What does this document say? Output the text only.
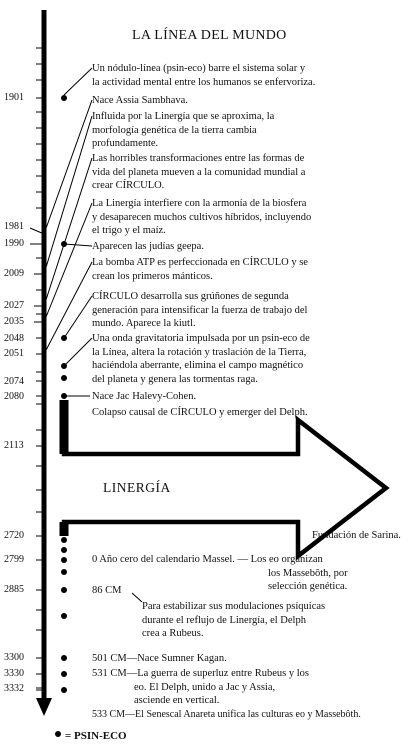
LA LÍNEA DEL MUNDO
1901
1981
1990
2009
2027
2035
2048
2051
2074
2080
2113
2720
2799
2885
3300
3330
3332
Un nódulo-línea (psin-eco) barre el sistema solar y
la actividad mental entre los humanos se enfervoriza.
Nace Assia Sambhava.
Influida por la Linergía que se aproxima, la
morfología genética de la tierra cambia
profundamente.
Las horribles transformaciones entre las formas de
vida del planeta mueven a la comunidad mundial a
crear CÍRCULO.
La Linergía interfiere con la armonía de la biosfera
y desaparecen muchos cultivos híbridos, incluyendo
el trigo y el maíz.
Aparecen las judías geepa.
La bomba ATP es perfeccionada en CÍRCULO y se
crean los primeros mánticos.
CÍRCULO desarrolla sus grúñones de segunda
generación para intensificar la fuerza de trabajo del
mundo. Aparece la kiutl.
Una onda gravitatoria impulsada por un psin-eco de
la Línea, altera la rotación y traslación de la Tierra,
haciéndola aberrante, elimina el campo magnético
del planeta y genera las tormentas raga.
Nace Jac Halevy-Cohen.
Colapso causal de CÍRCULO y emerger del Delph.
LINERGÍA
Fundación de Sarina.
0 Año cero del calendario Massel. — Los eo organizan
los Massebôth, por
selección genética.
86 CM
Para estabilizar sus modulaciones psíquicas
durante el reflujo de Linergía, el Delph
crea a Rubeus.
501 CM—Nace Sumner Kagan.
531 CM—La guerra de superluz entre Rubeus y los
eo. El Delph, unido a Jac y Assia,
asciende en vertical.
533 CM—El Senescal Anareta unifica las culturas eo y Massebôth.
= PSIN-ECO
